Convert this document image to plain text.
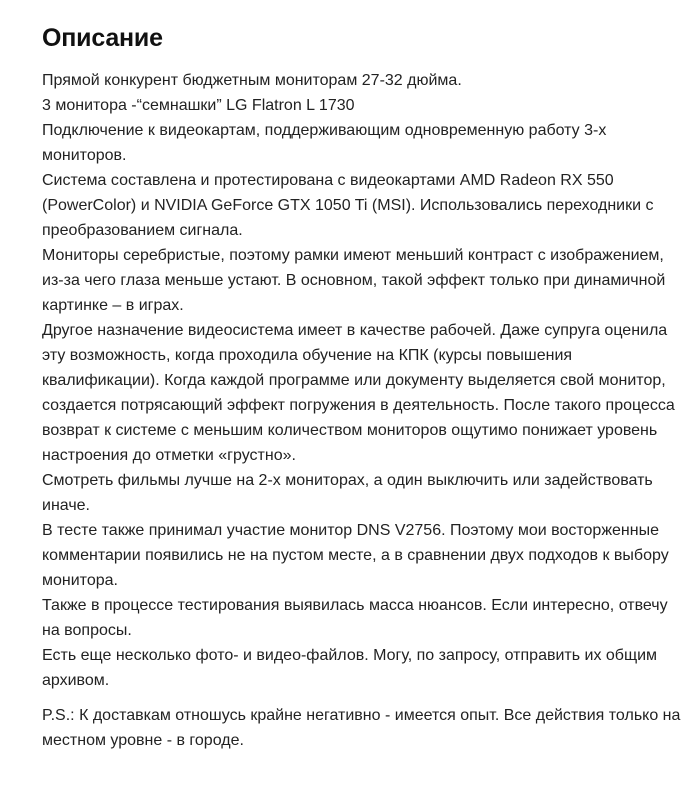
Описание

Прямой конкурент бюджетным мониторам 27-32 дюйма.

3 монитора -“семнашки” LG Flatron L 1730

Подключение к видеокартам, поддерживающим одновременную работу 3-х мониторов.

Система составлена и протестирована с видеокартами AMD Radeon RX 550 (PowerColor) и NVIDIA GeForce GTX 1050 Ti (MSI). Использовались переходники с преобразованием сигнала.

Мониторы серебристые, поэтому рамки имеют меньший контраст с изображением, из-за чего глаза меньше устают. В основном, такой эффект только при динамичной картинке – в играх.

Другое назначение видеосистема имеет в качестве рабочей. Даже супруга оценила эту возможность, когда проходила обучение на КПК (курсы повышения квалификации). Когда каждой программе или документу выделяется свой монитор, создается потрясающий эффект погружения в деятельность. После такого процесса возврат к системе с меньшим количеством мониторов ощутимо понижает уровень настроения до отметки «грустно».

Смотреть фильмы лучше на 2-х мониторах, а один выключить или задействовать иначе.

В тесте также принимал участие монитор DNS V2756. Поэтому мои восторженные комментарии появились не на пустом месте, а в сравнении двух подходов к выбору монитора.

Также в процессе тестирования выявилась масса нюансов. Если интересно, отвечу на вопросы.

Есть еще несколько фото- и видео-файлов. Могу, по запросу, отправить их общим архивом.

P.S.: К доставкам отношусь крайне негативно - имеется опыт. Все действия только на местном уровне - в городе.
